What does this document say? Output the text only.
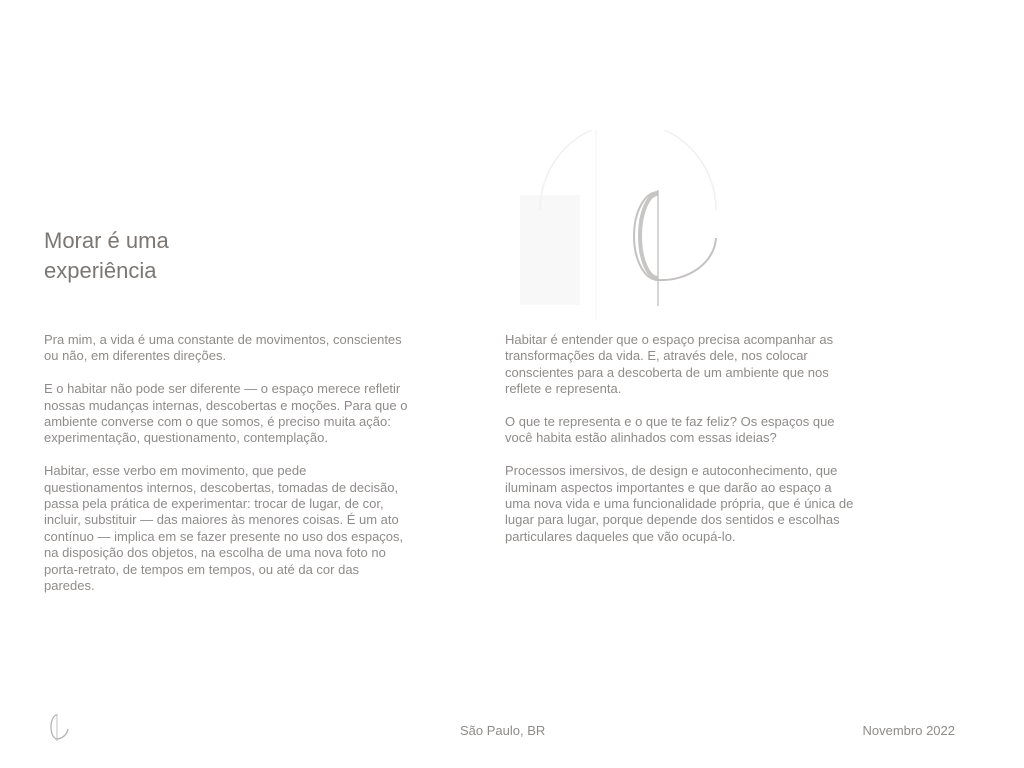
Morar é uma
experiência

Pra mim, a vida é uma constante de movimentos, conscientes
ou não, em diferentes direções.

E o habitar não pode ser diferente — o espaço merece refletir
nossas mudanças internas, descobertas e moções. Para que o
ambiente converse com o que somos, é preciso muita ação:
experimentação, questionamento, contemplação.

Habitar, esse verbo em movimento, que pede
questionamentos internos, descobertas, tomadas de decisão,
passa pela prática de experimentar: trocar de lugar, de cor,
incluir, substituir — das maiores às menores coisas. É um ato
contínuo — implica em se fazer presente no uso dos espaços,
na disposição dos objetos, na escolha de uma nova foto no
porta-retrato, de tempos em tempos, ou até da cor das
paredes.

Habitar é entender que o espaço precisa acompanhar as
transformações da vida. E, através dele, nos colocar
conscientes para a descoberta de um ambiente que nos
reflete e representa.

O que te representa e o que te faz feliz? Os espaços que
você habita estão alinhados com essas ideias?

Processos imersivos, de design e autoconhecimento, que
iluminam aspectos importantes e que darão ao espaço a
uma nova vida e uma funcionalidade própria, que é única de
lugar para lugar, porque depende dos sentidos e escolhas
particulares daqueles que vão ocupá-lo.

São Paulo, BR	Novembro 2022
